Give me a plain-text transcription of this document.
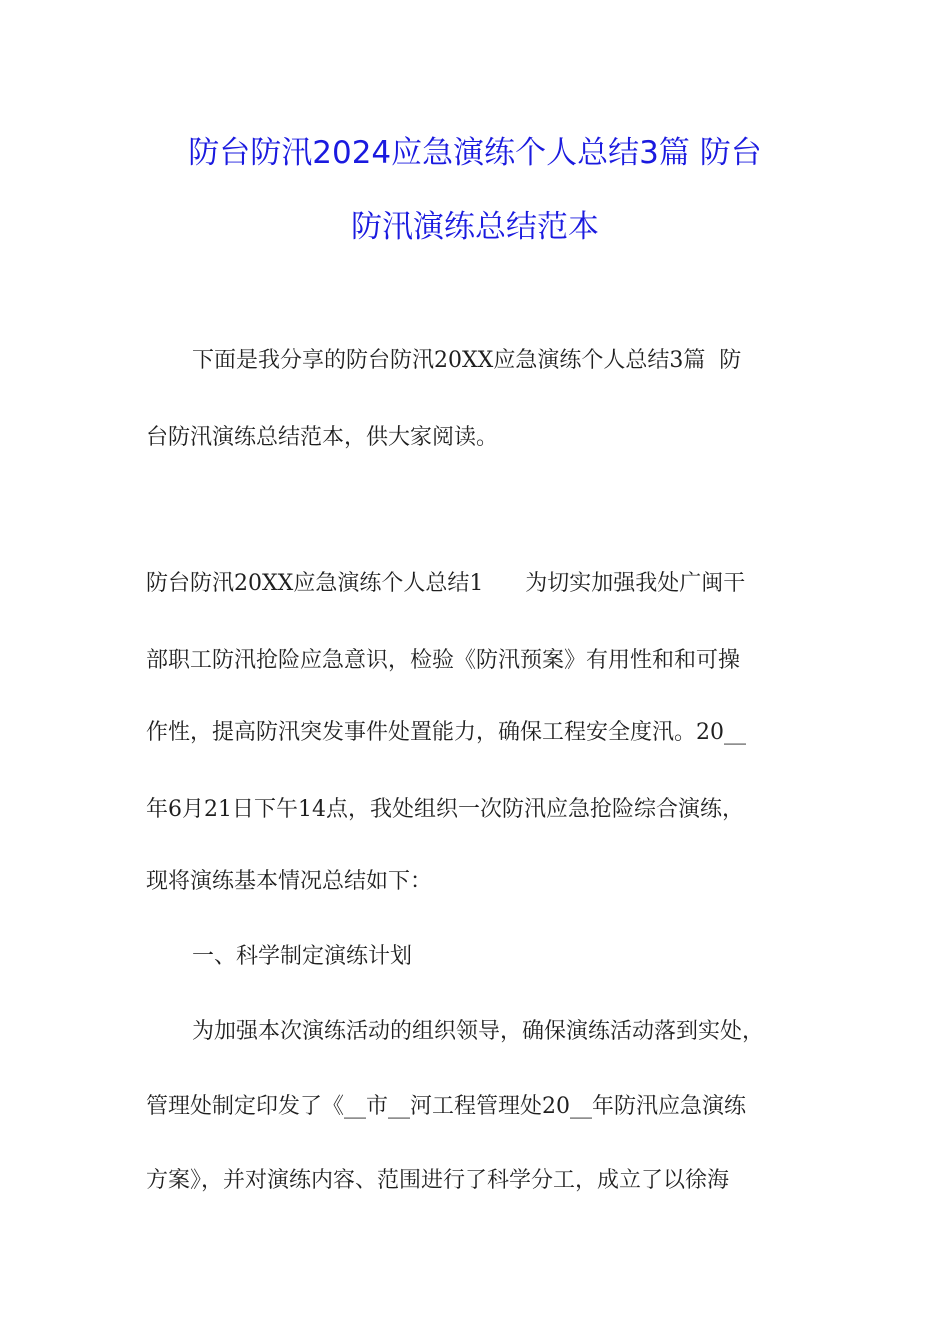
防台防汛2024应急演练个人总结3篇 防台
防汛演练总结范本
下面是我分享的防台防汛20XX应急演练个人总结3篇  防
台防汛演练总结范本，供大家阅读。
防台防汛20XX应急演练个人总结1      为切实加强我处广闽干
部职工防汛抢险应急意识，检验《防汛预案》有用性和和可操
作性，提高防汛突发事件处置能力，确保工程安全度汛。20__
年6月21日下午14点，我处组织一次防汛应急抢险综合演练，
现将演练基本情况总结如下：
一、科学制定演练计划
为加强本次演练活动的组织领导，确保演练活动落到实处，
管理处制定印发了《__市__河工程管理处20__年防汛应急演练
方案》，并对演练内容、范围进行了科学分工，成立了以徐海
